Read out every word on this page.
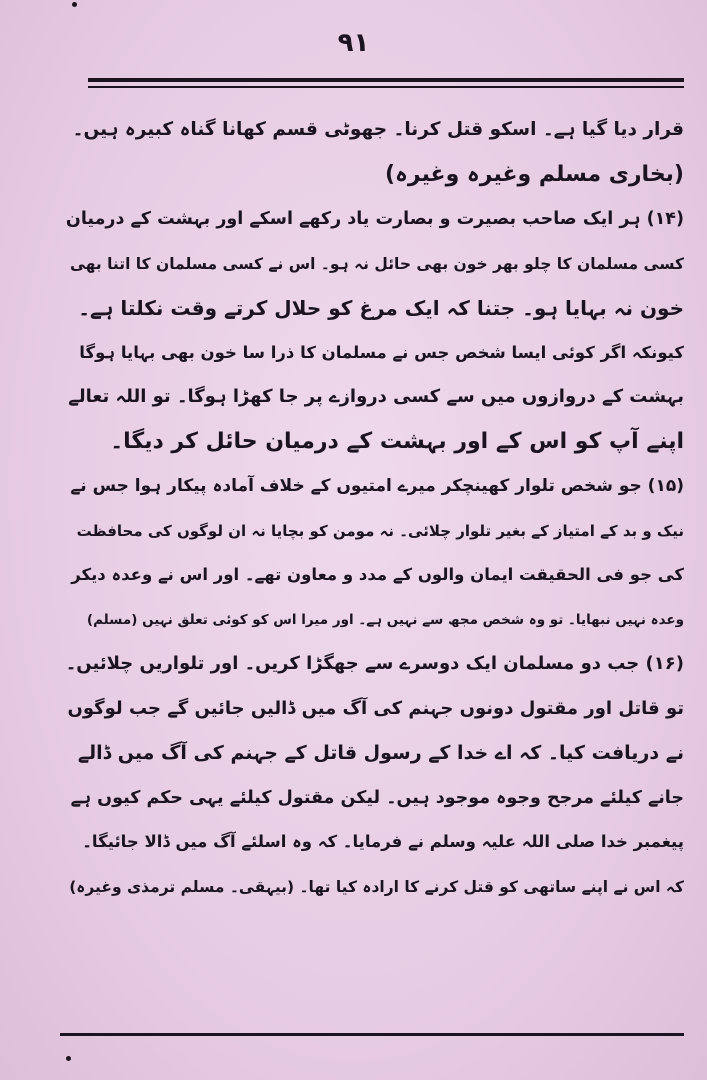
۹۱
قرار دیا گیا ہے۔ اسکو قتل کرنا۔ جھوٹی قسم کھانا گناہ کبیرہ ہیں۔
(بخاری مسلم وغیرہ وغیرہ)
(۱۴) ہر ایک صاحب بصیرت و بصارت یاد رکھے اسکے اور بہشت کے درمیان
کسی مسلمان کا چلو بھر خون بھی حائل نہ ہو۔ اس نے کسی مسلمان کا اتنا بھی
خون نہ بہایا ہو۔ جتنا کہ ایک مرغ کو حلال کرتے وقت نکلتا ہے۔
کیونکہ اگر کوئی ایسا شخص جس نے مسلمان کا ذرا سا خون بھی بہایا ہوگا
بہشت کے دروازوں میں سے کسی دروازے پر جا کھڑا ہوگا۔ تو اللہ تعالے
اپنے آپ کو اس کے اور بہشت کے درمیان حائل کر دیگا۔
(۱۵) جو شخص تلوار کھینچکر میرے امتیوں کے خلاف آمادہ پیکار ہوا جس نے
نیک و بد کے امتیاز کے بغیر تلوار چلائی۔ نہ مومن کو بچایا نہ ان لوگوں کی محافظت
کی جو فی الحقیقت ایمان والوں کے مدد و معاون تھے۔ اور اس نے وعدہ دیکر
وعدہ نہیں نبھایا۔ تو وہ شخص مجھ سے نہیں ہے۔ اور میرا اس کو کوئی تعلق نہیں (مسلم)
(۱۶) جب دو مسلمان ایک دوسرے سے جھگڑا کریں۔ اور تلواریں چلائیں۔
تو قاتل اور مقتول دونوں جہنم کی آگ میں ڈالیں جائیں گے جب لوگوں
نے دریافت کیا۔ کہ اے خدا کے رسول قاتل کے جہنم کی آگ میں ڈالے
جانے کیلئے مرجح وجوہ موجود ہیں۔ لیکن مقتول کیلئے یہی حکم کیوں ہے
پیغمبر خدا صلی اللہ علیہ وسلم نے فرمایا۔ کہ وہ اسلئے آگ میں ڈالا جائیگا۔
کہ اس نے اپنے ساتھی کو قتل کرنے کا ارادہ کیا تھا۔ (بیہقی۔ مسلم ترمذی وغیرہ)
